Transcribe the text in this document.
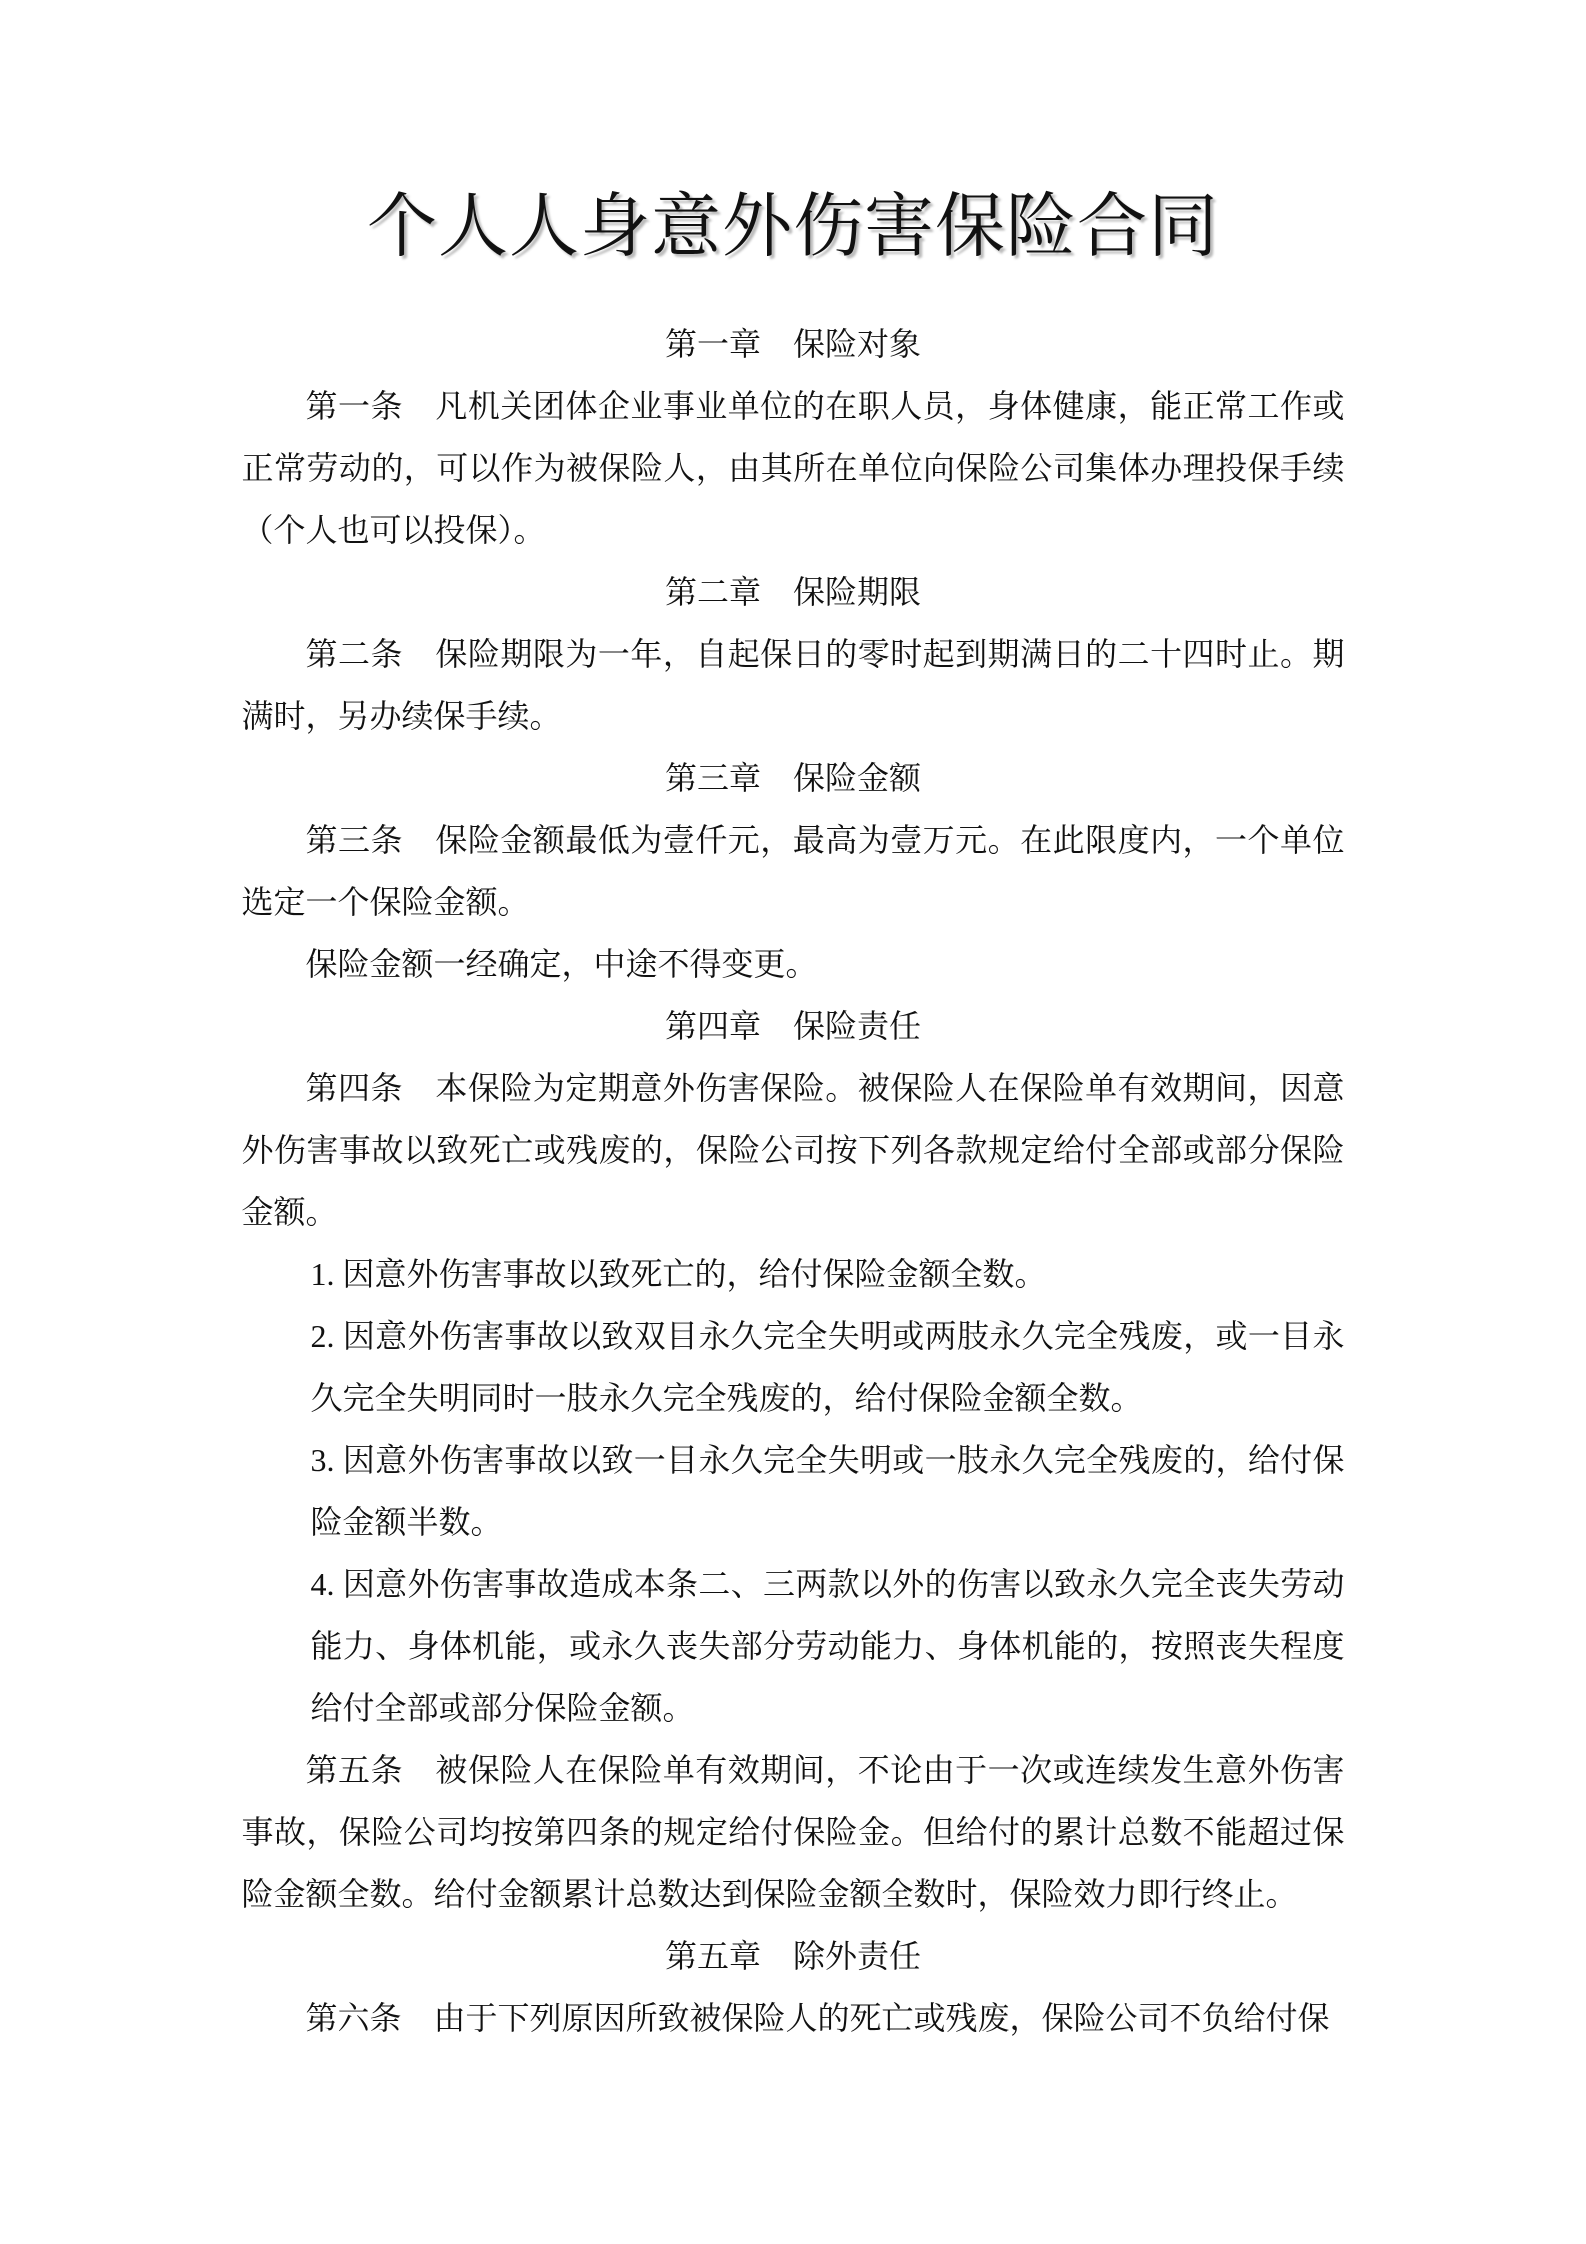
个人人身意外伤害保险合同

第一章　保险对象

第一条　凡机关团体企业事业单位的在职人员，身体健康，能正常工作或正常劳动的，可以作为被保险人，由其所在单位向保险公司集体办理投保手续（个人也可以投保）。

第二章　保险期限

第二条　保险期限为一年，自起保日的零时起到期满日的二十四时止。期满时，另办续保手续。

第三章　保险金额

第三条　保险金额最低为壹仟元，最高为壹万元。在此限度内，一个单位选定一个保险金额。

保险金额一经确定，中途不得变更。

第四章　保险责任

第四条　本保险为定期意外伤害保险。被保险人在保险单有效期间，因意外伤害事故以致死亡或残废的，保险公司按下列各款规定给付全部或部分保险金额。

1. 因意外伤害事故以致死亡的，给付保险金额全数。

2. 因意外伤害事故以致双目永久完全失明或两肢永久完全残废，或一目永久完全失明同时一肢永久完全残废的，给付保险金额全数。

3. 因意外伤害事故以致一目永久完全失明或一肢永久完全残废的，给付保险金额半数。

4. 因意外伤害事故造成本条二、三两款以外的伤害以致永久完全丧失劳动能力、身体机能，或永久丧失部分劳动能力、身体机能的，按照丧失程度给付全部或部分保险金额。

第五条　被保险人在保险单有效期间，不论由于一次或连续发生意外伤害事故，保险公司均按第四条的规定给付保险金。但给付的累计总数不能超过保险金额全数。给付金额累计总数达到保险金额全数时，保险效力即行终止。

第五章　除外责任

第六条　由于下列原因所致被保险人的死亡或残废，保险公司不负给付保
